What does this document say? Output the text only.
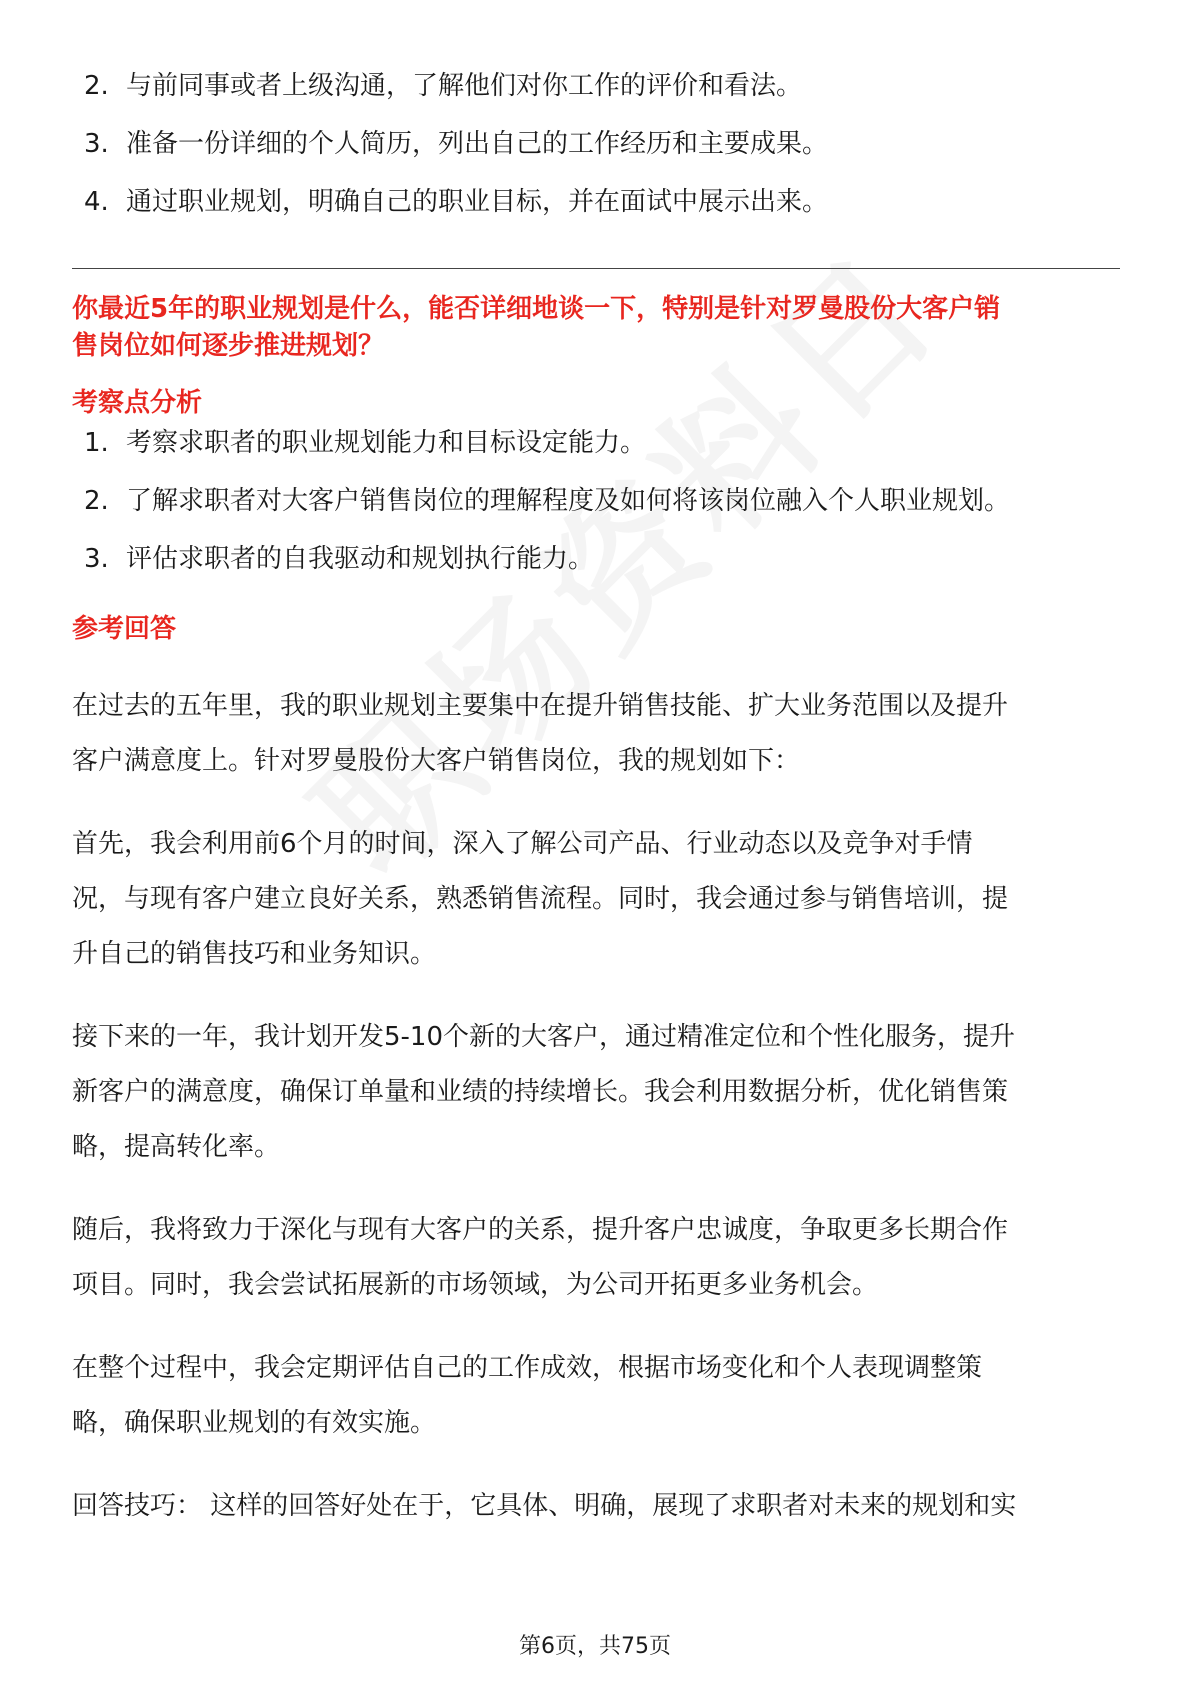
2. 与前同事或者上级沟通，了解他们对你工作的评价和看法。
3. 准备一份详细的个人简历，列出自己的工作经历和主要成果。
4. 通过职业规划，明确自己的职业目标，并在面试中展示出来。
你最近5年的职业规划是什么，能否详细地谈一下，特别是针对罗曼股份大客户销
售岗位如何逐步推进规划？
考察点分析
1. 考察求职者的职业规划能力和目标设定能力。
2. 了解求职者对大客户销售岗位的理解程度及如何将该岗位融入个人职业规划。
3. 评估求职者的自我驱动和规划执行能力。
参考回答

在过去的五年里，我的职业规划主要集中在提升销售技能、扩大业务范围以及提升
客户满意度上。针对罗曼股份大客户销售岗位，我的规划如下：

首先，我会利用前6个月的时间，深入了解公司产品、行业动态以及竞争对手情
况，与现有客户建立良好关系，熟悉销售流程。同时，我会通过参与销售培训，提
升自己的销售技巧和业务知识。

接下来的一年，我计划开发5-10个新的大客户，通过精准定位和个性化服务，提升
新客户的满意度，确保订单量和业绩的持续增长。我会利用数据分析，优化销售策
略，提高转化率。

随后，我将致力于深化与现有大客户的关系，提升客户忠诚度，争取更多长期合作
项目。同时，我会尝试拓展新的市场领域，为公司开拓更多业务机会。

在整个过程中，我会定期评估自己的工作成效，根据市场变化和个人表现调整策
略，确保职业规划的有效实施。

回答技巧： 这样的回答好处在于，它具体、明确，展现了求职者对未来的规划和实

第6页，共75页
